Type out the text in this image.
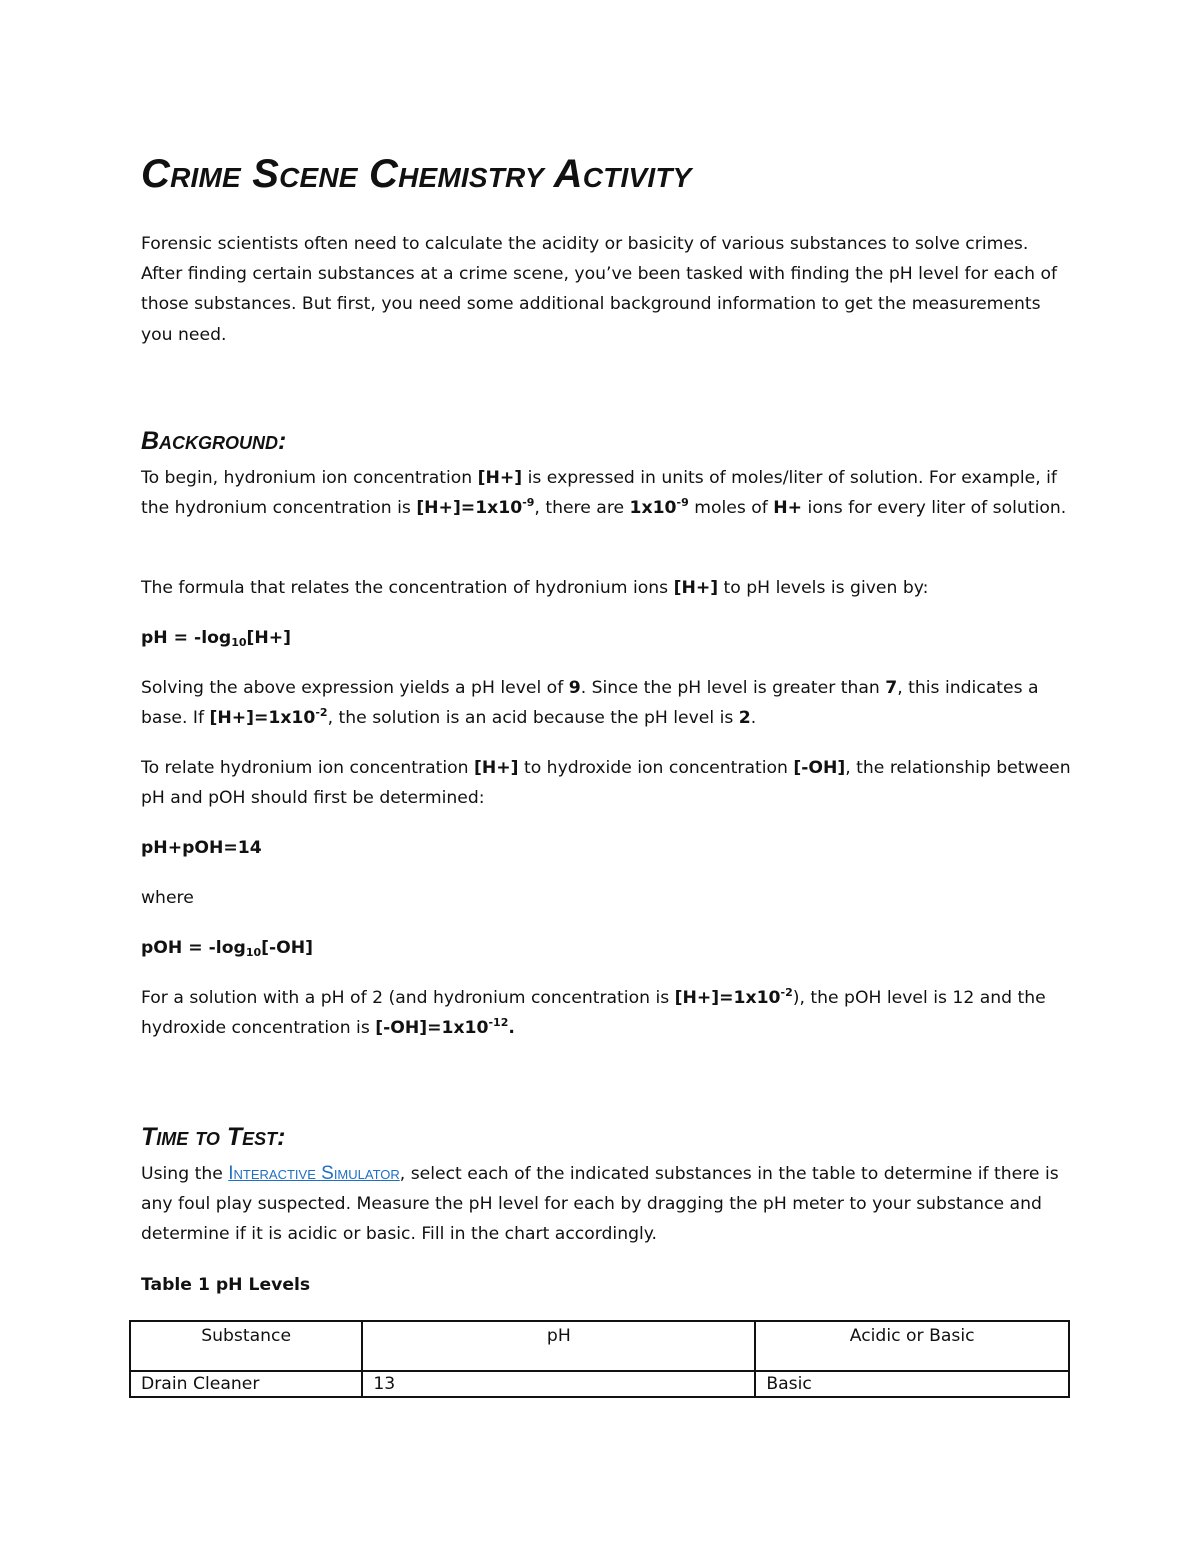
Crime Scene Chemistry Activity

Forensic scientists often need to calculate the acidity or basicity of various substances to solve crimes. After finding certain substances at a crime scene, you’ve been tasked with finding the pH level for each of those substances. But first, you need some additional background information to get the measurements you need.

Background:

To begin, hydronium ion concentration [H+] is expressed in units of moles/liter of solution. For example, if the hydronium concentration is $[H+]=1x10^{-9}$, there are $1x10^{-9}$ moles of H+ ions for every liter of solution.

The formula that relates the concentration of hydronium ions [H+] to pH levels is given by:

pH = $-\log_{10}[H+]$

Solving the above expression yields a pH level of 9. Since the pH level is greater than 7, this indicates a base. If $[H+]=1x10^{-2}$, the solution is an acid because the pH level is 2.

To relate hydronium ion concentration [H+] to hydroxide ion concentration [-OH], the relationship between pH and pOH should first be determined:

pH+pOH=14

where

pOH = $-\log_{10}[-OH]$

For a solution with a pH of 2 (and hydronium concentration is $[H+]=1x10^{-2}$), the pOH level is 12 and the hydroxide concentration is $[-OH]=1x10^{-12}$.

Time to Test:

Using the Interactive Simulator, select each of the indicated substances in the table to determine if there is any foul play suspected. Measure the pH level for each by dragging the pH meter to your substance and determine if it is acidic or basic. Fill in the chart accordingly.

Table 1 pH Levels

Substance	pH	Acidic or Basic
Drain Cleaner	13	Basic
